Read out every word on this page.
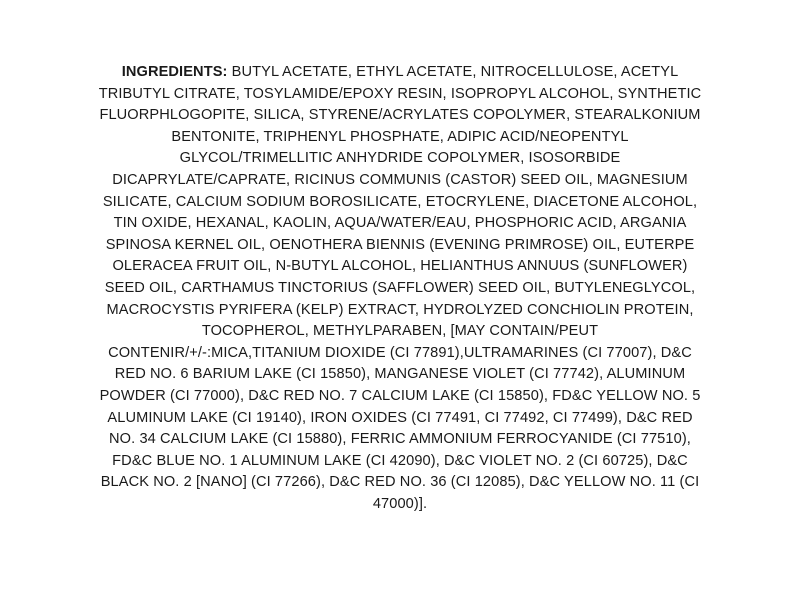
INGREDIENTS: BUTYL ACETATE, ETHYL ACETATE, NITROCELLULOSE, ACETYL TRIBUTYL CITRATE, TOSYLAMIDE/EPOXY RESIN, ISOPROPYL ALCOHOL, SYNTHETIC FLUORPHLOGOPITE, SILICA, STYRENE/ACRYLATES COPOLYMER, STEARALKONIUM BENTONITE, TRIPHENYL PHOSPHATE, ADIPIC ACID/NEOPENTYL GLYCOL/TRIMELLITIC ANHYDRIDE COPOLYMER, ISOSORBIDE DICAPRYLATE/CAPRATE, RICINUS COMMUNIS (CASTOR) SEED OIL, MAGNESIUM SILICATE, CALCIUM SODIUM BOROSILICATE, ETOCRYLENE, DIACETONE ALCOHOL, TIN OXIDE, HEXANAL, KAOLIN, AQUA/WATER/EAU, PHOSPHORIC ACID, ARGANIA SPINOSA KERNEL OIL, OENOTHERA BIENNIS (EVENING PRIMROSE) OIL, EUTERPE OLERACEA FRUIT OIL, N-BUTYL ALCOHOL, HELIANTHUS ANNUUS (SUNFLOWER) SEED OIL, CARTHAMUS TINCTORIUS (SAFFLOWER) SEED OIL, BUTYLENEGLYCOL, MACROCYSTIS PYRIFERA (KELP) EXTRACT, HYDROLYZED CONCHIOLIN PROTEIN, TOCOPHEROL, METHYLPARABEN, [MAY CONTAIN/PEUT CONTENIR/+/-:MICA,TITANIUM DIOXIDE (CI 77891),ULTRAMARINES (CI 77007), D&C RED NO. 6 BARIUM LAKE (CI 15850), MANGANESE VIOLET (CI 77742), ALUMINUM POWDER (CI 77000), D&C RED NO. 7 CALCIUM LAKE (CI 15850), FD&C YELLOW NO. 5 ALUMINUM LAKE (CI 19140), IRON OXIDES (CI 77491, CI 77492, CI 77499), D&C RED NO. 34 CALCIUM LAKE (CI 15880), FERRIC AMMONIUM FERROCYANIDE (CI 77510), FD&C BLUE NO. 1 ALUMINUM LAKE (CI 42090), D&C VIOLET NO. 2 (CI 60725), D&C BLACK NO. 2 [NANO] (CI 77266), D&C RED NO. 36 (CI 12085), D&C YELLOW NO. 11 (CI 47000)].
